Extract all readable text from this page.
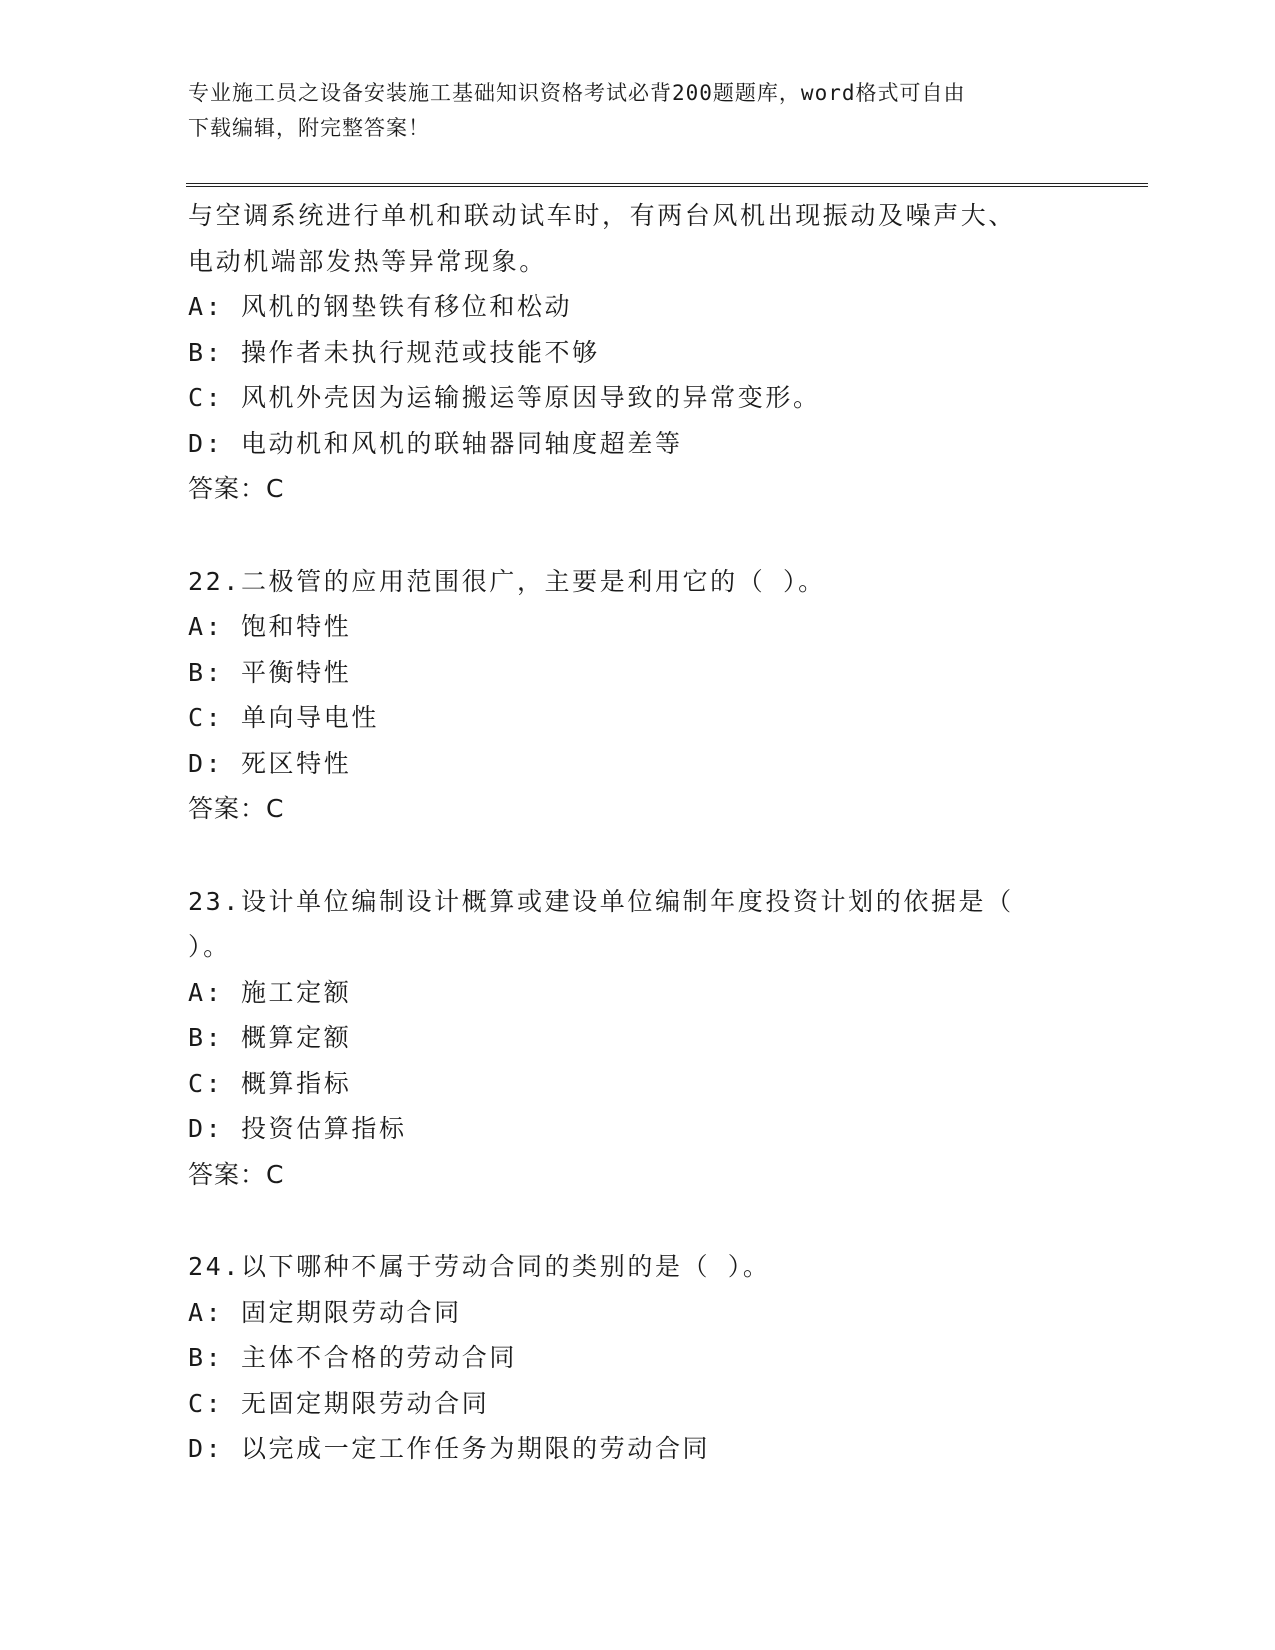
专业施工员之设备安装施工基础知识资格考试必背200题题库，word格式可自由
下载编辑，附完整答案！
与空调系统进行单机和联动试车时，有两台风机出现振动及噪声大、
电动机端部发热等异常现象。
A: 风机的钢垫铁有移位和松动
B: 操作者未执行规范或技能不够
C: 风机外壳因为运输搬运等原因导致的异常变形。
D: 电动机和风机的联轴器同轴度超差等
答案：C
22.二极管的应用范围很广，主要是利用它的（ ）。
A: 饱和特性
B: 平衡特性
C: 单向导电性
D: 死区特性
答案：C
23.设计单位编制设计概算或建设单位编制年度投资计划的依据是（
）。
A: 施工定额
B: 概算定额
C: 概算指标
D: 投资估算指标
答案：C
24.以下哪种不属于劳动合同的类别的是（ ）。
A: 固定期限劳动合同
B: 主体不合格的劳动合同
C: 无固定期限劳动合同
D: 以完成一定工作任务为期限的劳动合同
